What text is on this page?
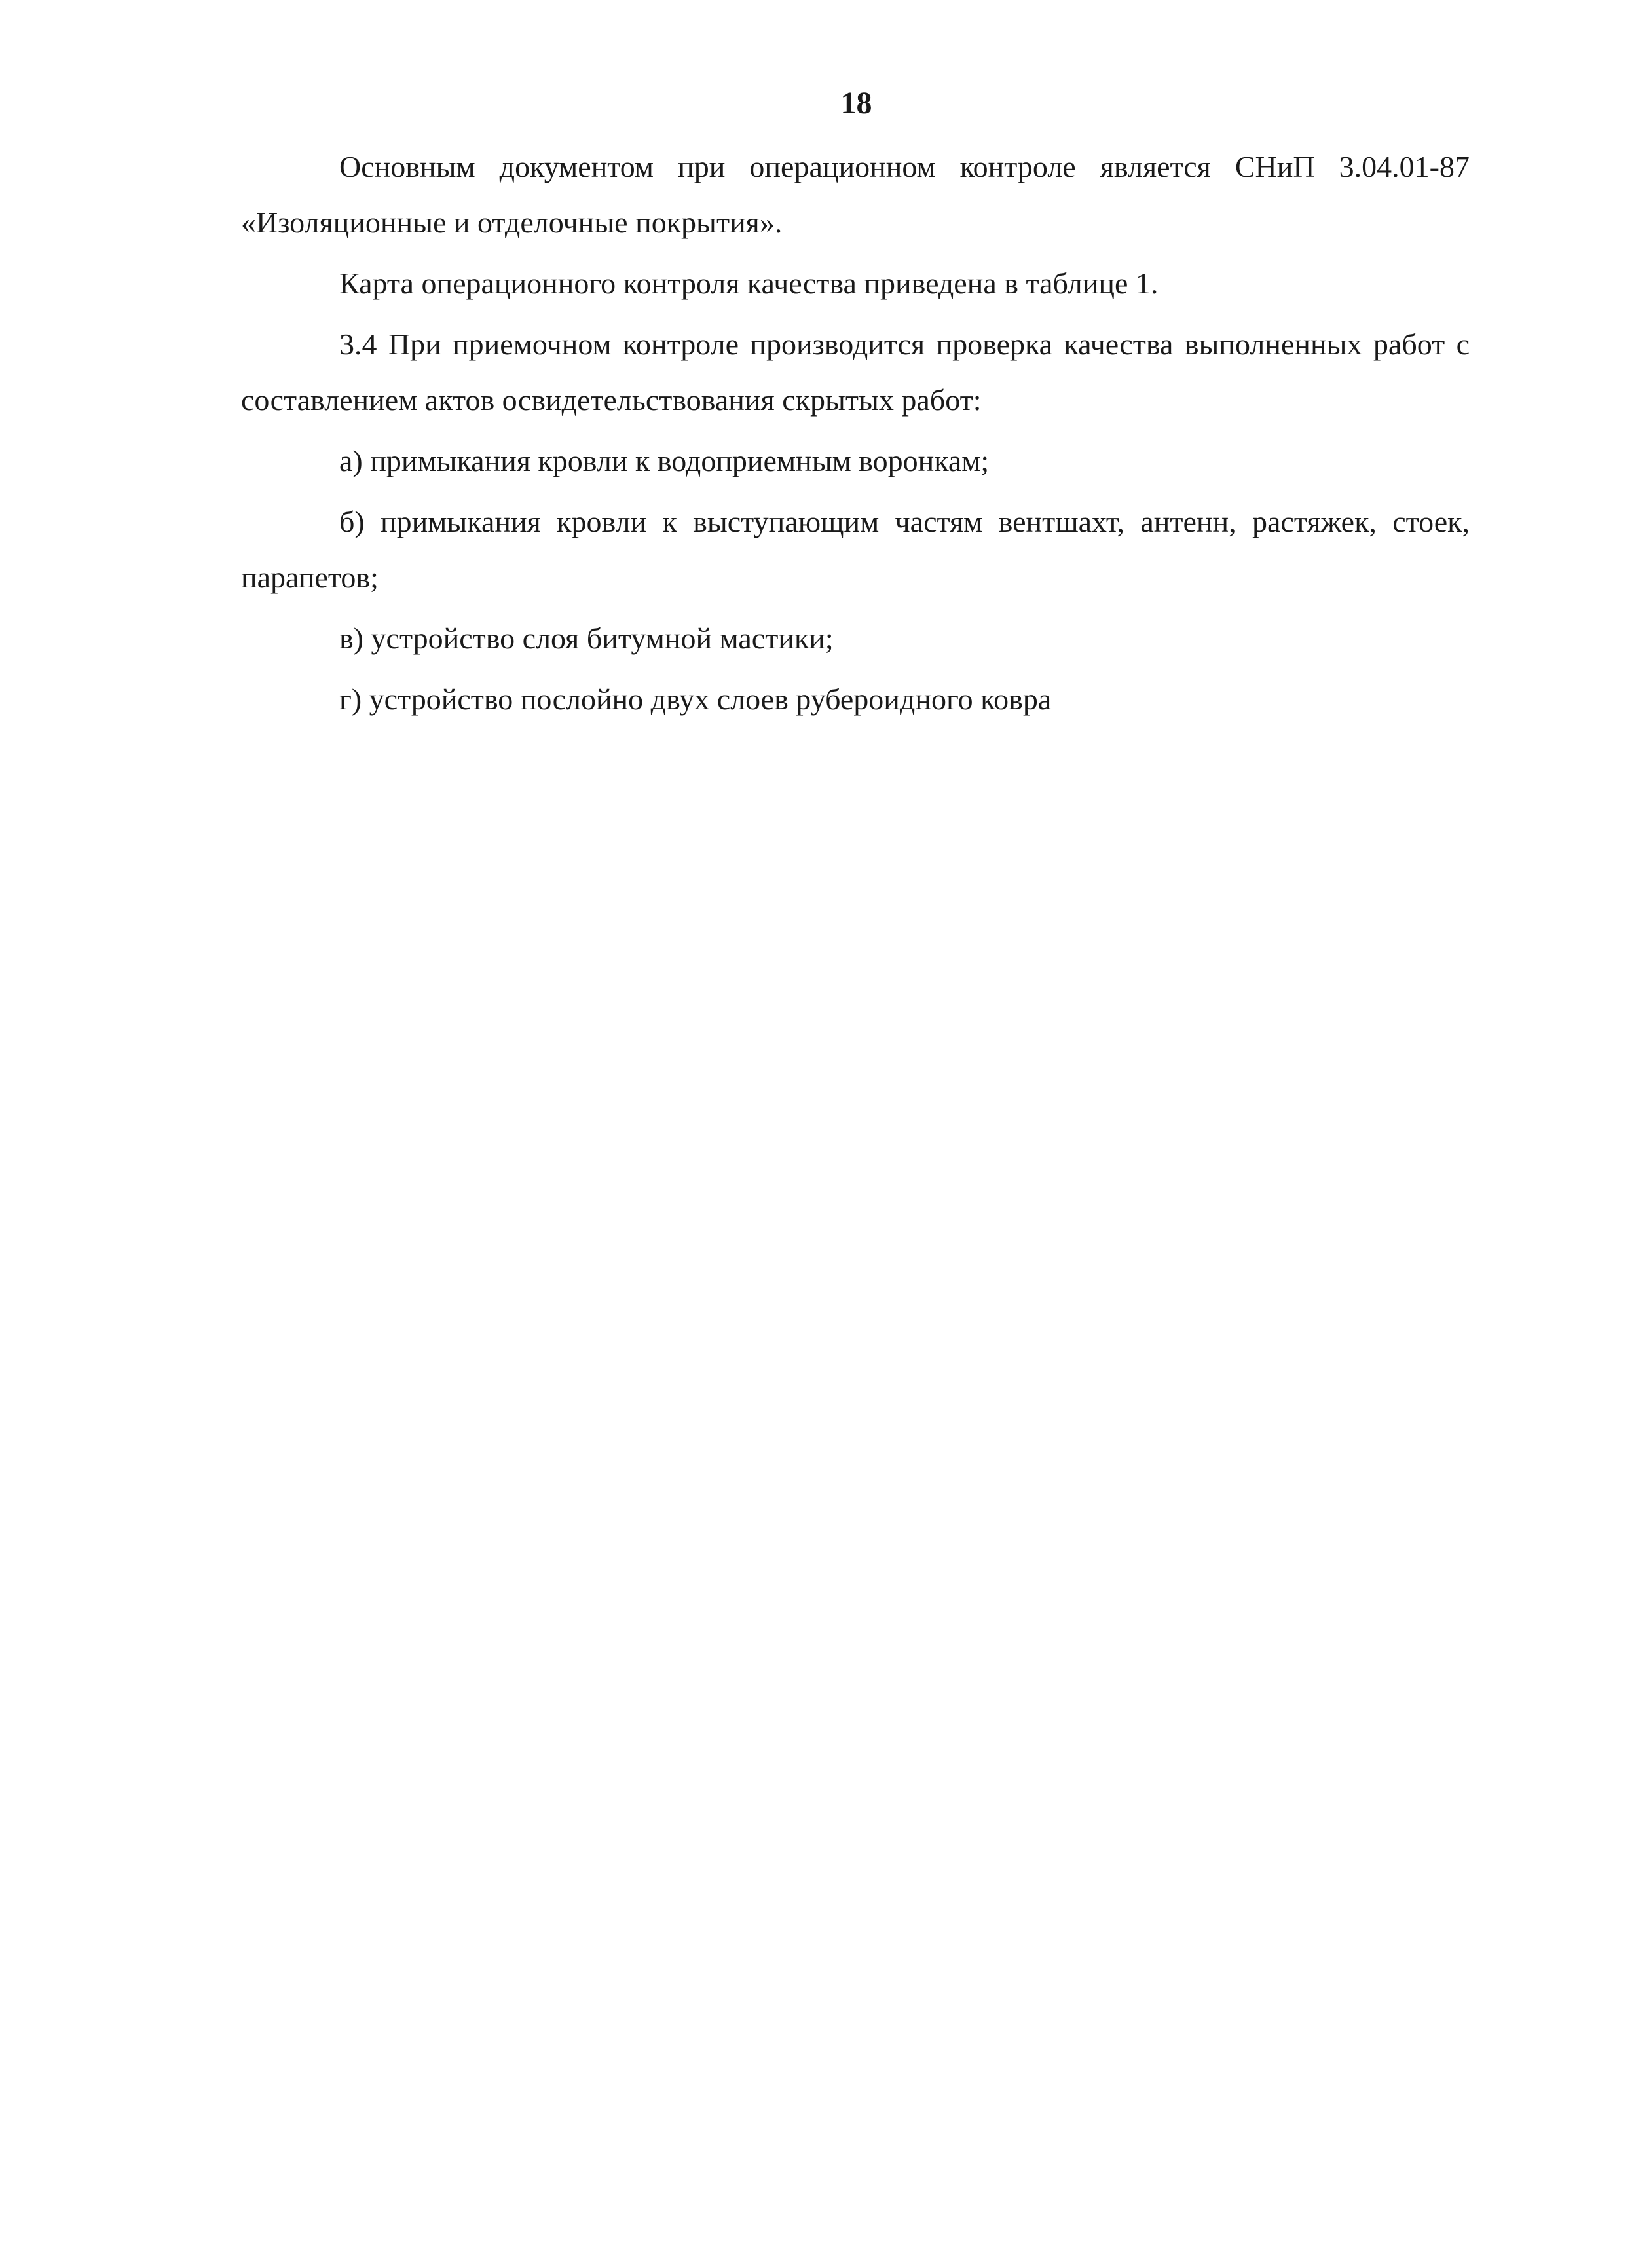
18

Основным документом при операционном контроле является СНиП 3.04.01-87 «Изоляционные и отделочные покрытия».

Карта операционного контроля качества приведена в таблице 1.

3.4 При приемочном контроле производится проверка качества выполненных работ с составлением актов освидетельствования скрытых работ:

а) примыкания кровли к водоприемным воронкам;

б) примыкания кровли к выступающим частям вентшахт, антенн, растяжек, стоек, парапетов;

в) устройство слоя битумной мастики;

г) устройство послойно двух слоев рубероидного ковра
